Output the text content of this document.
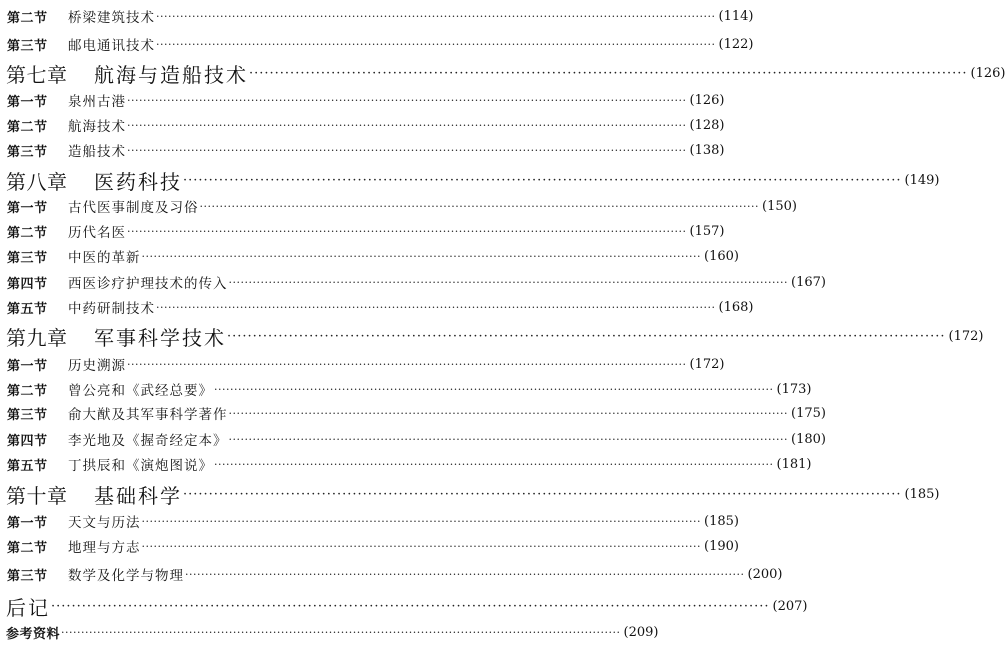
第二节	桥梁建筑技术 ············································································································································ (114)
第三节	邮电通讯技术 ············································································································································ (122)
第七章	航海与造船技术 ············································································································································ (126)
第一节	泉州古港 ············································································································································ (126)
第二节	航海技术 ············································································································································ (128)
第三节	造船技术 ············································································································································ (138)
第八章	医药科技 ············································································································································ (149)
第一节	古代医事制度及习俗 ············································································································································ (150)
第二节	历代名医 ············································································································································ (157)
第三节	中医的革新 ············································································································································ (160)
第四节	西医诊疗护理技术的传入 ············································································································································ (167)
第五节	中药研制技术 ············································································································································ (168)
第九章	军事科学技术 ············································································································································ (172)
第一节	历史溯源 ············································································································································ (172)
第二节	曾公亮和《武经总要》 ············································································································································ (173)
第三节	俞大猷及其军事科学著作 ············································································································································ (175)
第四节	李光地及《握奇经定本》 ············································································································································ (180)
第五节	丁拱辰和《演炮图说》 ············································································································································ (181)
第十章	基础科学 ············································································································································ (185)
第一节	天文与历法 ············································································································································ (185)
第二节	地理与方志 ············································································································································ (190)
第三节	数学及化学与物理 ············································································································································ (200)
后记 ············································································································································ (207)
参考资料 ············································································································································ (209)
